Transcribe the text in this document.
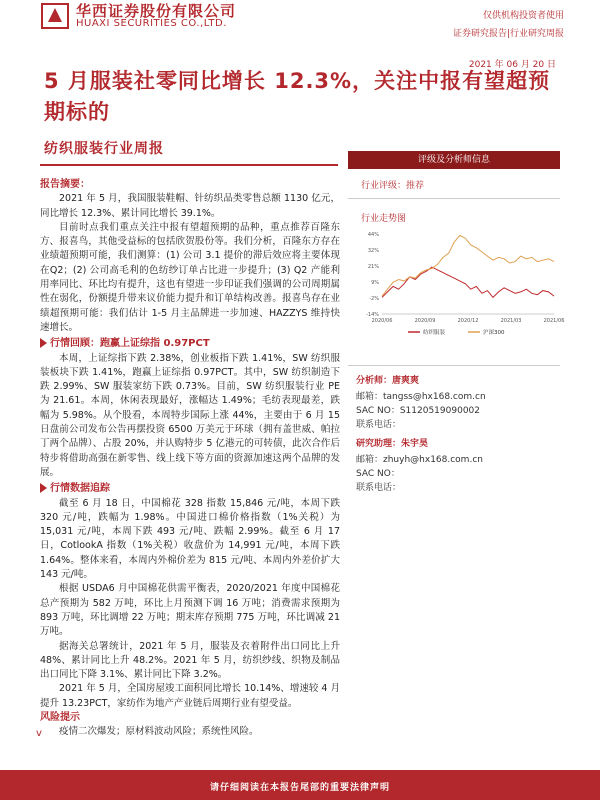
华西证券股份有限公司
HUAXI SECURITIES CO.,LTD.
仅供机构投资者使用
证券研究报告|行业研究周报
2021 年 06 月 20 日
5 月服装社零同比增长 12.3%，关注中报有望超预期标的
纺织服装行业周报
评级及分析师信息
行业评级：推荐
行业走势图
44%
32%
21%
9%
-2%
-14%
2020/06	2020/09	2020/12	2021/03	2021/06
纺织服装	沪深300
分析师：唐爽爽
邮箱：tangss@hx168.com.cn
SAC NO：S1120519090002
联系电话：
研究助理：朱宇昊
邮箱：zhuyh@hx168.com.cn
SAC NO：
联系电话：
报告摘要：
2021 年 5 月，我国服装鞋帽、针纺织品类零售总额 1130 亿元，同比增长 12.3%、累计同比增长 39.1%。
目前时点我们重点关注中报有望超预期的品种，重点推荐百隆东方、报喜鸟，其他受益标的包括欣贺股份等。我们分析，百隆东方存在业绩超预期可能，我们测算：(1) 公司 3.1 提价的滞后效应将主要体现在Q2；(2) 公司高毛利的色纺纱订单占比进一步提升；(3) Q2 产能利用率同比、环比均有提升，这也有望进一步印证我们强调的公司周期属性在弱化，份额提升带来议价能力提升和订单结构改善。报喜鸟存在业绩超预期可能：我们估计 1-5 月主品牌进一步加速、HAZZYS 维持快速增长。
行情回顾：跑赢上证综指 0.97PCT
本周，上证综指下跌 2.38%，创业板指下跌 1.41%，SW 纺织服装板块下跌 1.41%，跑赢上证综指 0.97PCT。其中，SW 纺织制造下跌 2.99%、SW 服装家纺下跌 0.73%。目前，SW 纺织服装行业 PE 为 21.61。本周，休闲表现最好，涨幅达 1.49%；毛纺表现最差，跌幅为 5.98%。从个股看，本周特步国际上涨 44%，主要由于 6 月 15 日盘前公司发布公告再摆投资 6500 万美元于环球（拥有盖世威、帕拉丁两个品牌）、占股 20%，并认购特步 5 亿港元的可转债，此次合作后特步将借助高强在新零售、线上线下等方面的资源加速这两个品牌的发展。
行情数据追踪
截至 6 月 18 日，中国棉花 328 指数 15,846 元/吨，本周下跌 320 元/吨，跌幅为 1.98%。中国进口棉价格指数（1%关税）为 15,031 元/吨，本周下跌 493 元/吨、跌幅 2.99%。截至 6 月 17 日，CotlookA 指数（1%关税）收盘价为 14,991 元/吨，本周下跌 1.64%。整体来看，本周内外棉价差为 815 元/吨、本周内外差价扩大 143 元/吨。
根据 USDA6 月中国棉花供需平衡表，2020/2021 年度中国棉花总产预期为 582 万吨，环比上月预测下调 16 万吨；消费需求预期为 893 万吨，环比调增 22 万吨；期末库存预期 775 万吨，环比调减 21 万吨。
据海关总署统计，2021 年 5 月，服装及衣着附件出口同比上升 48%、累计同比上升 48.2%。2021 年 5 月，纺织纱线、织物及制品出口同比下降 3.1%、累计同比下降 3.2%。
2021 年 5 月，全国房屋竣工面积同比增长 10.14%、增速较 4 月提升 13.23PCT，家纺作为地产产业链后周期行业有望受益。
风险提示
疫情二次爆发；原材料波动风险；系统性风险。
v
请仔细阅读在本报告尾部的重要法律声明
